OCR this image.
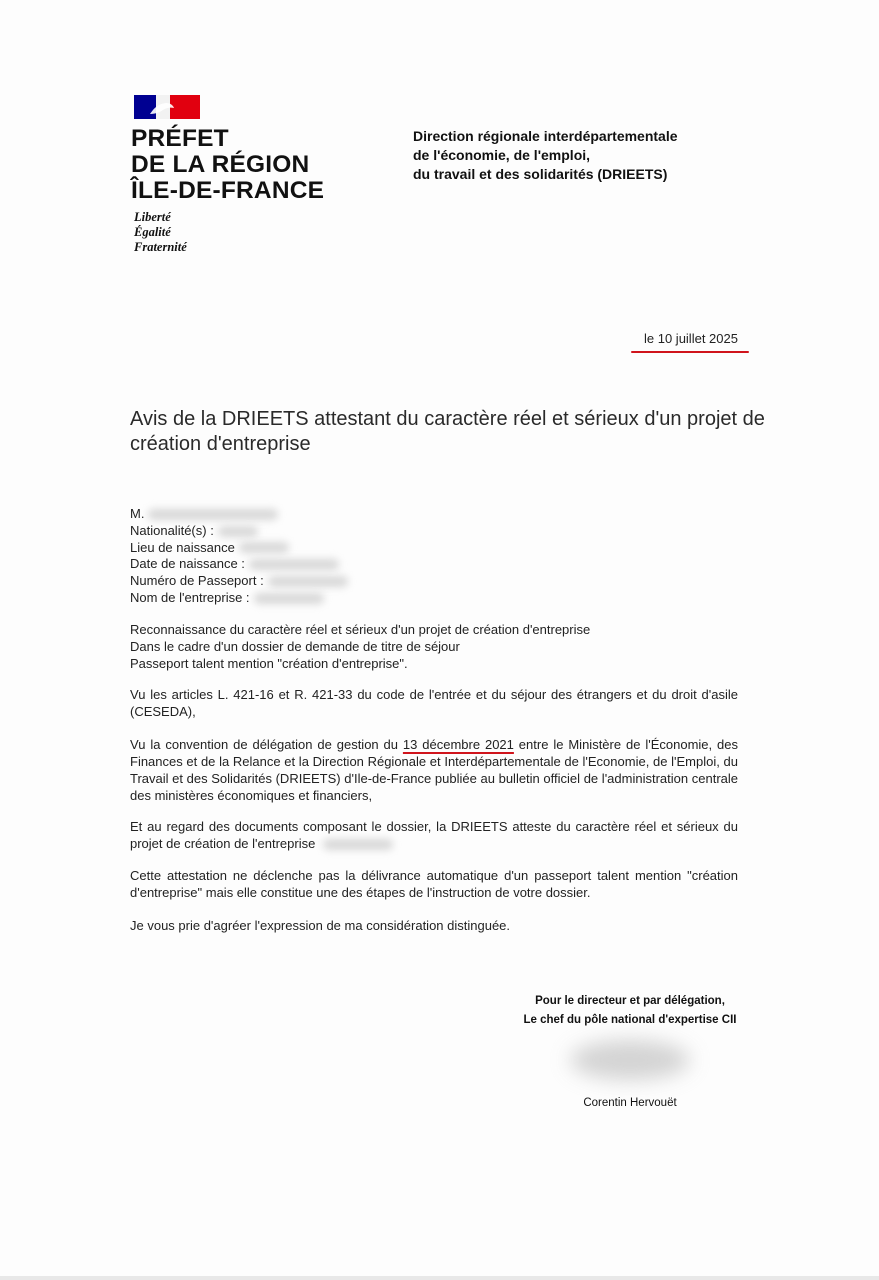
PRÉFET
DE LA RÉGION
ÎLE-DE-FRANCE
Liberté
Égalité
Fraternité
Direction régionale interdépartementale
de l'économie, de l'emploi,
du travail et des solidarités (DRIEETS)
le 10 juillet 2025
Avis de la DRIEETS attestant du caractère réel et sérieux d'un projet de création d'entreprise
M.
Nationalité(s) :
Lieu de naissance
Date de naissance :
Numéro de Passeport :
Nom de l'entreprise :
Reconnaissance du caractère réel et sérieux d'un projet de création d'entreprise
Dans le cadre d'un dossier de demande de titre de séjour
Passeport talent mention "création d'entreprise".
Vu les articles L. 421-16 et R. 421-33 du code de l'entrée et du séjour des étrangers et du droit d'asile (CESEDA),
Vu la convention de délégation de gestion du 13 décembre 2021 entre le Ministère de l'Économie, des Finances et de la Relance et la Direction Régionale et Interdépartementale de l'Economie, de l'Emploi, du Travail et des Solidarités (DRIEETS) d'Ile-de-France publiée au bulletin officiel de l'administration centrale des ministères économiques et financiers,
Et au regard des documents composant le dossier, la DRIEETS atteste du caractère réel et sérieux du projet de création de l'entreprise
Cette attestation ne déclenche pas la délivrance automatique d'un passeport talent mention "création d'entreprise" mais elle constitue une des étapes de l'instruction de votre dossier.
Je vous prie d'agréer l'expression de ma considération distinguée.
Pour le directeur et par délégation,
Le chef du pôle national d'expertise CII
Corentin Hervouët
